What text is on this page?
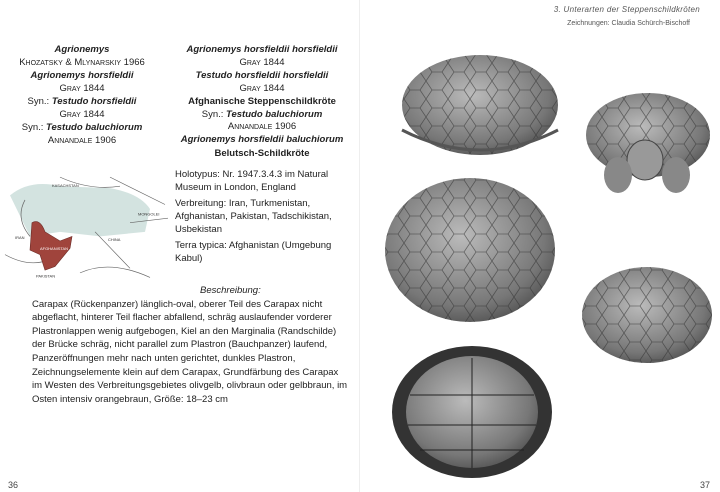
Agrionemys
Khozatsky & Mlynarskiy 1966
Agrionemys horsfieldii
Gray 1844
Syn.: Testudo horsfieldii
Gray 1844
Syn.: Testudo baluchiorum
Annandale 1906
Agrionemys horsfieldii horsfieldii
Gray 1844
Testudo horsfieldii horsfieldii
Gray 1844
Afghanische Steppenschildkröte
Syn.: Testudo baluchiorum
Annandale 1906
Agrionemys horsfieldii baluchiorum
Belutsch-Schildkröte
KASACHSTAN
MONGOLEI
IRAN	CHINA
AFGHANISTAN
PAKISTAN

Holotypus: Nr. 1947.3.4.3 im Natural Museum in London, England

Verbreitung: Iran, Turkmenistan, Afghanistan, Pakistan, Tadschikistan, Usbekistan

Terra typica: Afghanistan (Umgebung Kabul)

Beschreibung:
Carapax (Rückenpanzer) länglich-oval, oberer Teil des Carapax nicht abgeflacht, hinterer Teil flacher abfallend, schräg auslaufender vorderer Plastronlappen wenig aufgebogen, Kiel an den Marginalia (Randschilde) der Brücke schräg, nicht parallel zum Plastron (Bauchpanzer) laufend, Panzeröffnungen mehr nach unten gerichtet, dunkles Plastron, Zeichnungselemente klein auf dem Carapax, Grundfärbung des Carapax im Westen des Verbreitungsgebietes olivgelb, olivbraun oder gelbbraun, im Osten intensiv orangebraun, Größe: 18–23 cm
36
3. Unterarten der Steppenschildkröten
Zeichnungen: Claudia Schürch-Bischoff
37
